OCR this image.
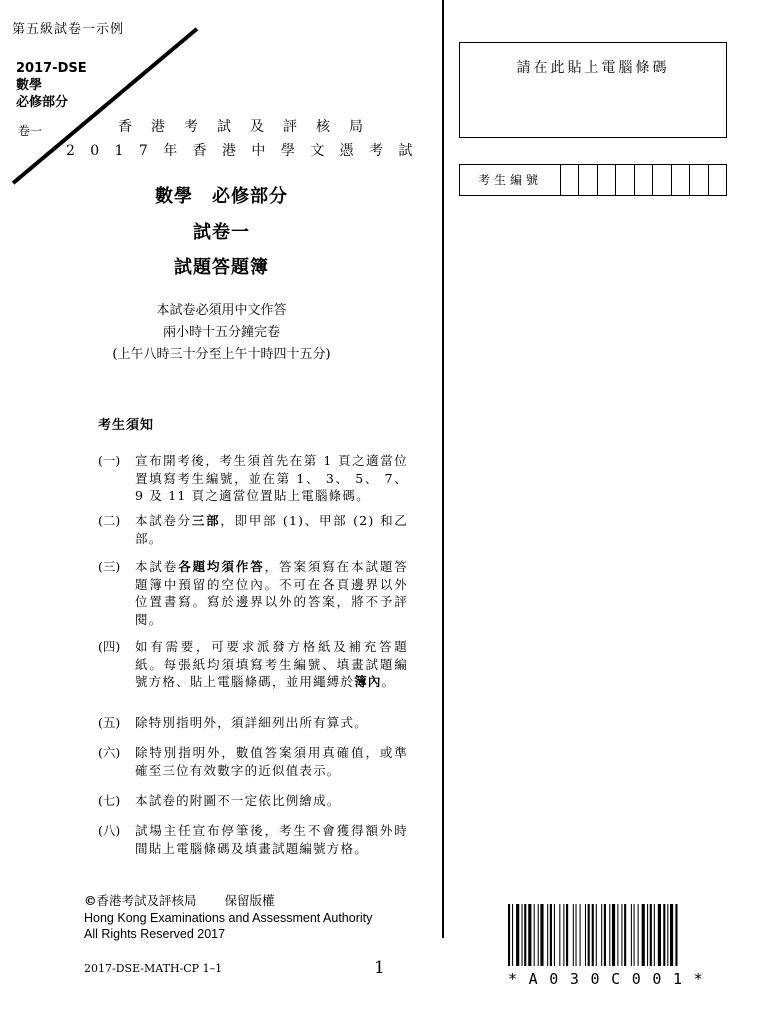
第五級試卷一示例
2017-DSE
數學
必修部分
卷一	香港考試及評核局
2017年香港中學文憑考試
數學　必修部分
試卷一
試題答題簿
本試卷必須用中文作答
兩小時十五分鐘完卷
(上午八時三十分至上午十時四十五分)
考生須知
(一)	宣布開考後，考生須首先在第 1 頁之適當位置填寫考生編號，並在第 1、 3、 5、 7、 9 及 11 頁之適當位置貼上電腦條碼。
(二)	本試卷分三部，即甲部 (1)、甲部 (2) 和乙部。
(三)	本試卷各題均須作答，答案須寫在本試題答題簿中預留的空位內。不可在各頁邊界以外位置書寫。寫於邊界以外的答案，將不予評閱。
(四)	如有需要，可要求派發方格紙及補充答題紙。每張紙均須填寫考生編號、填畫試題編號方格、貼上電腦條碼，並用繩縛於簿內。
(五)	除特別指明外，須詳細列出所有算式。
(六)	除特別指明外，數值答案須用真確值，或準確至三位有效數字的近似值表示。
(七)	本試卷的附圖不一定依比例繪成。
(八)	試場主任宣布停筆後，考生不會獲得額外時間貼上電腦條碼及填畫試題編號方格。
©香港考試及評核局 保留版權
Hong Kong Examinations and Assessment Authority
All Rights Reserved 2017
2017-DSE-MATH-CP 1–1	1
請在此貼上電腦條碼
考生編號
*A030C001*
